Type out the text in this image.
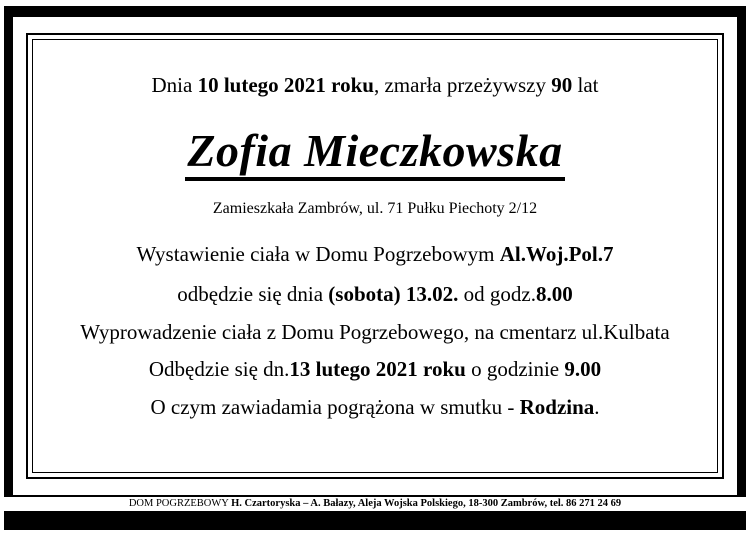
Dnia 10 lutego 2021 roku, zmarła przeżywszy 90 lat
Zofia Mieczkowska
Zamieszkała Zambrów, ul. 71 Pułku Piechoty 2/12
Wystawienie ciała w Domu Pogrzebowym Al.Woj.Pol.7
odbędzie się dnia (sobota) 13.02. od godz.8.00
Wyprowadzenie ciała z Domu Pogrzebowego, na cmentarz ul.Kulbata
Odbędzie się dn.13 lutego 2021 roku o godzinie 9.00
O czym zawiadamia pogrążona w smutku - Rodzina.
DOM POGRZEBOWY H. Czartoryska – A. Bałazy, Aleja Wojska Polskiego, 18-300 Zambrów, tel. 86 271 24 69
